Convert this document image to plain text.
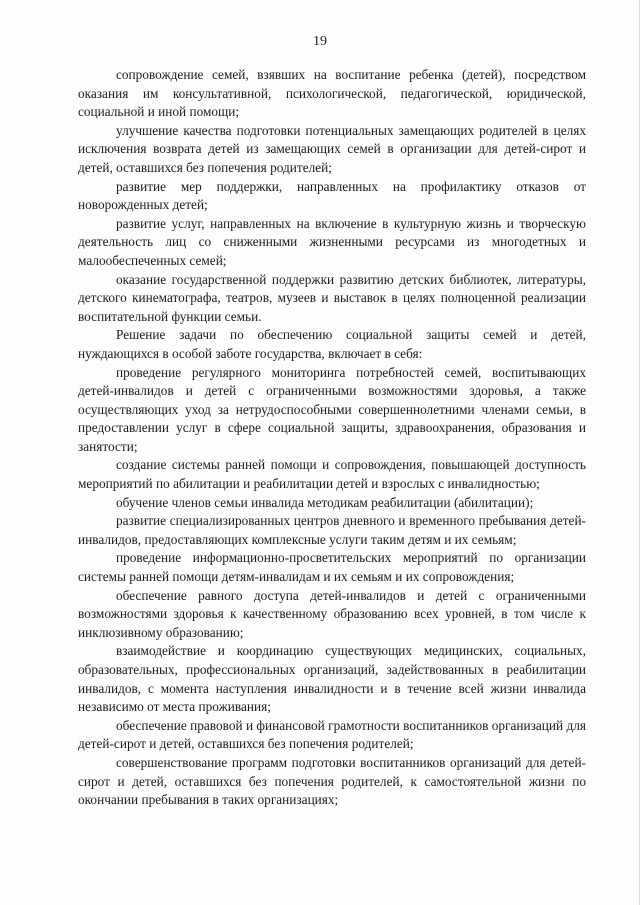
19

сопровождение семей, взявших на воспитание ребенка (детей), посредством оказания им консультативной, психологической, педагогической, юридической, социальной и иной помощи;

улучшение качества подготовки потенциальных замещающих родителей в целях исключения возврата детей из замещающих семей в организации для детей-сирот и детей, оставшихся без попечения родителей;

развитие мер поддержки, направленных на профилактику отказов от новорожденных детей;

развитие услуг, направленных на включение в культурную жизнь и творческую деятельность лиц со сниженными жизненными ресурсами из многодетных и малообеспеченных семей;

оказание государственной поддержки развитию детских библиотек, литературы, детского кинематографа, театров, музеев и выставок в целях полноценной реализации воспитательной функции семьи.

Решение задачи по обеспечению социальной защиты семей и детей, нуждающихся в особой заботе государства, включает в себя:

проведение регулярного мониторинга потребностей семей, воспитывающих детей-инвалидов и детей с ограниченными возможностями здоровья, а также осуществляющих уход за нетрудоспособными совершеннолетними членами семьи, в предоставлении услуг в сфере социальной защиты, здравоохранения, образования и занятости;

создание системы ранней помощи и сопровождения, повышающей доступность мероприятий по абилитации и реабилитации детей и взрослых с инвалидностью;

обучение членов семьи инвалида методикам реабилитации (абилитации);

развитие специализированных центров дневного и временного пребывания детей-инвалидов, предоставляющих комплексные услуги таким детям и их семьям;

проведение информационно-просветительских мероприятий по организации системы ранней помощи детям-инвалидам и их семьям и их сопровождения;

обеспечение равного доступа детей-инвалидов и детей с ограниченными возможностями здоровья к качественному образованию всех уровней, в том числе к инклюзивному образованию;

взаимодействие и координацию существующих медицинских, социальных, образовательных, профессиональных организаций, задействованных в реабилитации инвалидов, с момента наступления инвалидности и в течение всей жизни инвалида независимо от места проживания;

обеспечение правовой и финансовой грамотности воспитанников организаций для детей-сирот и детей, оставшихся без попечения родителей;

совершенствование программ подготовки воспитанников организаций для детей-сирот и детей, оставшихся без попечения родителей, к самостоятельной жизни по окончании пребывания в таких организациях;
